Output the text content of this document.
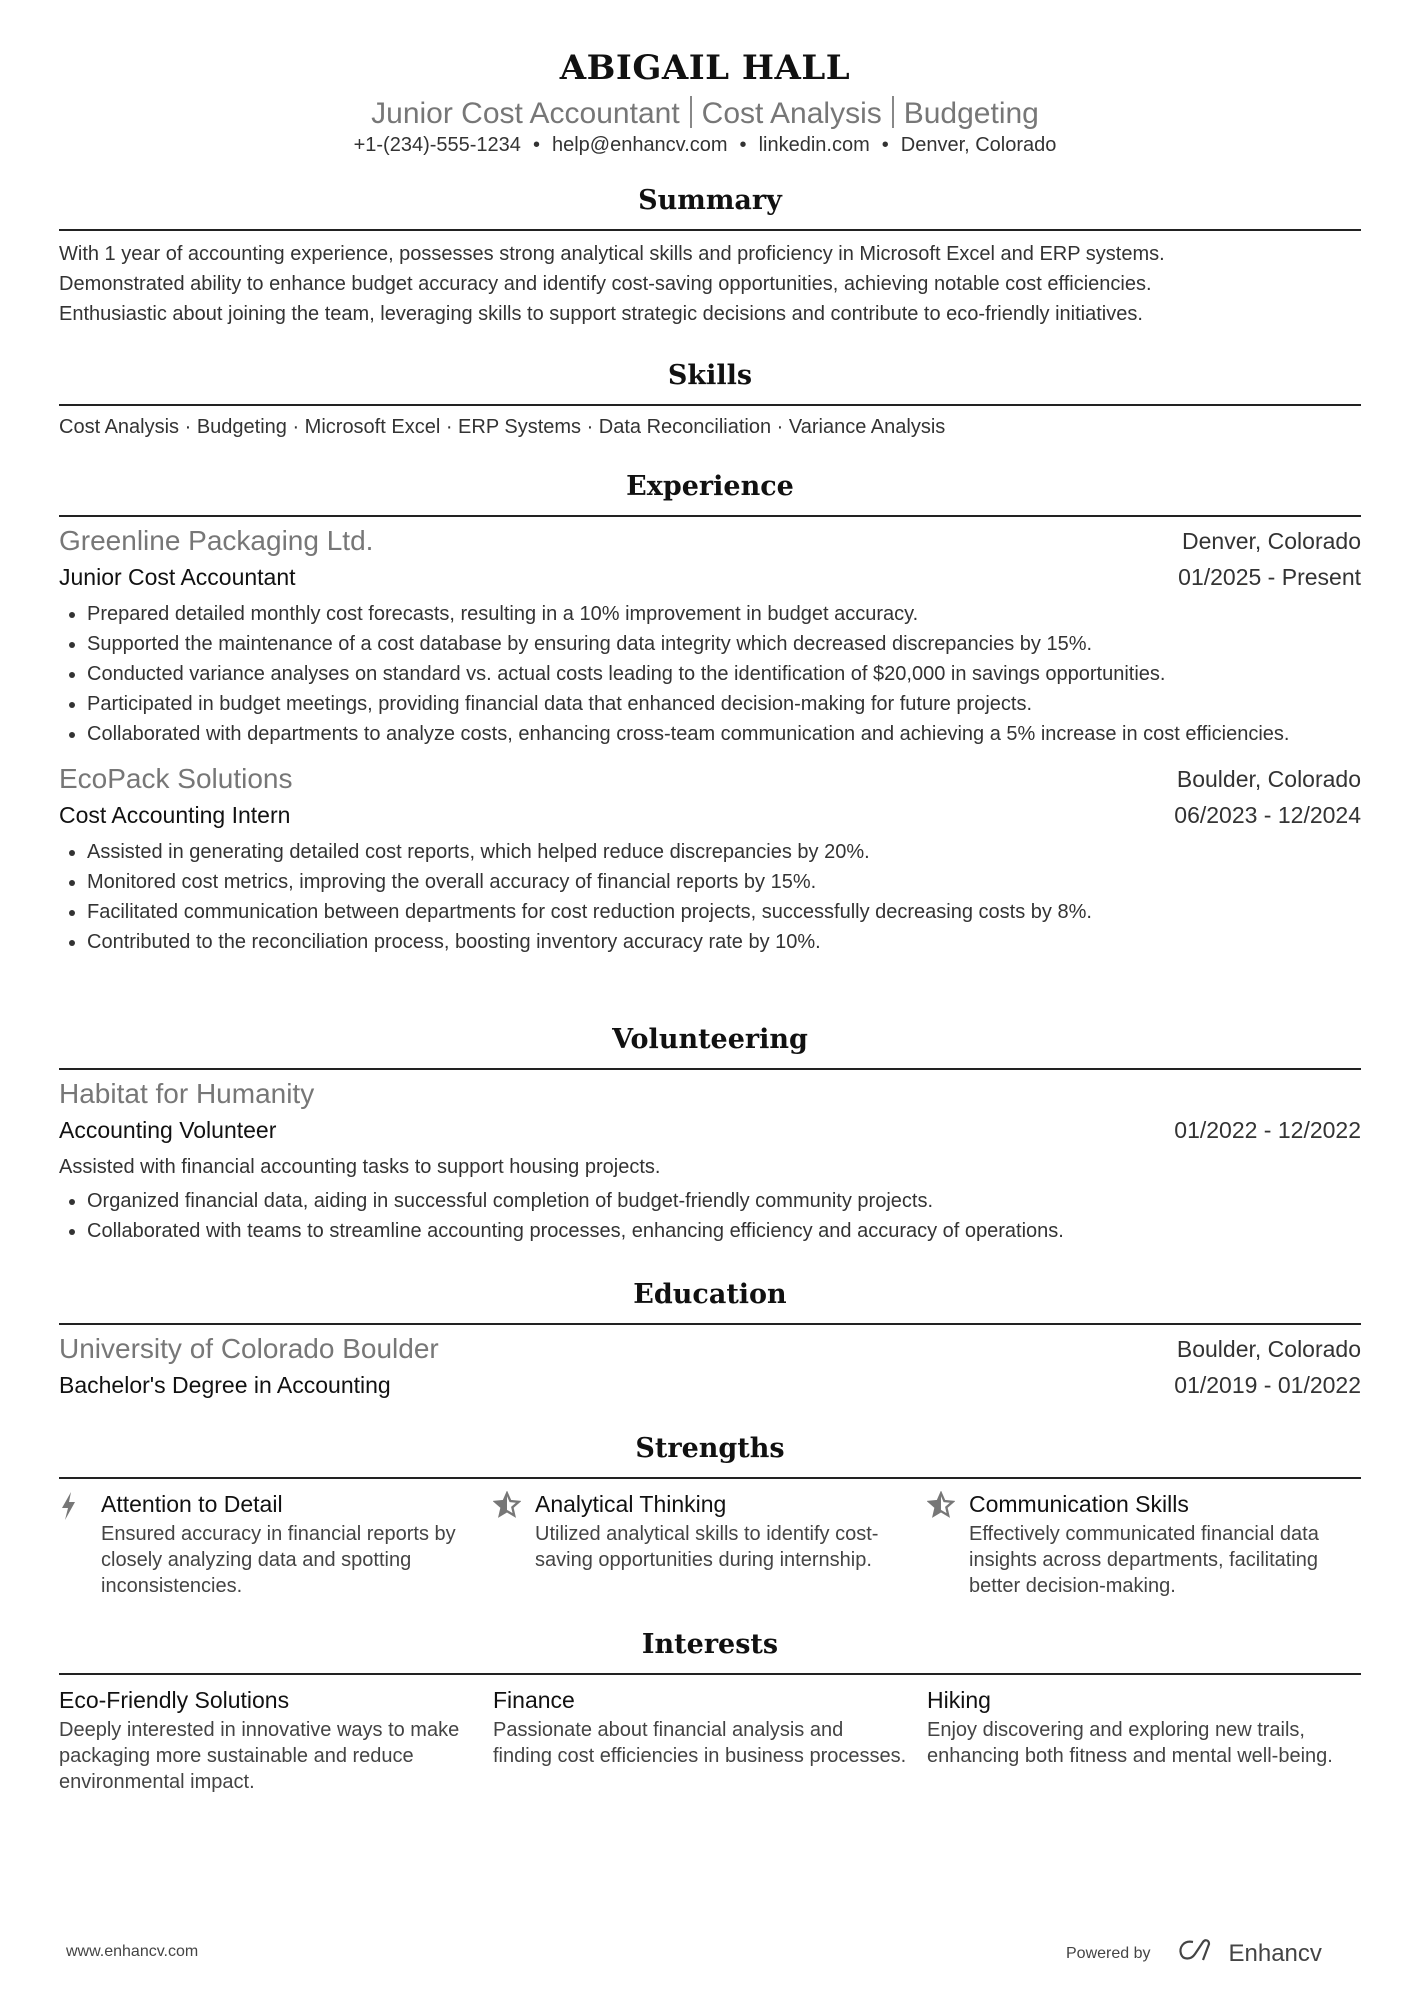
ABIGAIL HALL
Junior Cost Accountant Cost Analysis Budgeting
+1-(234)-555-1234 • help@enhancv.com • linkedin.com • Denver, Colorado
Summary
With 1 year of accounting experience, possesses strong analytical skills and proficiency in Microsoft Excel and ERP systems.
Demonstrated ability to enhance budget accuracy and identify cost-saving opportunities, achieving notable cost efficiencies.
Enthusiastic about joining the team, leveraging skills to support strategic decisions and contribute to eco-friendly initiatives.
Skills
Cost Analysis · Budgeting · Microsoft Excel · ERP Systems · Data Reconciliation · Variance Analysis
Experience
Greenline Packaging Ltd.	Denver, Colorado
Junior Cost Accountant	01/2025 - Present
• Prepared detailed monthly cost forecasts, resulting in a 10% improvement in budget accuracy.
• Supported the maintenance of a cost database by ensuring data integrity which decreased discrepancies by 15%.
• Conducted variance analyses on standard vs. actual costs leading to the identification of $20,000 in savings opportunities.
• Participated in budget meetings, providing financial data that enhanced decision-making for future projects.
• Collaborated with departments to analyze costs, enhancing cross-team communication and achieving a 5% increase in cost efficiencies.
EcoPack Solutions	Boulder, Colorado
Cost Accounting Intern	06/2023 - 12/2024
• Assisted in generating detailed cost reports, which helped reduce discrepancies by 20%.
• Monitored cost metrics, improving the overall accuracy of financial reports by 15%.
• Facilitated communication between departments for cost reduction projects, successfully decreasing costs by 8%.
• Contributed to the reconciliation process, boosting inventory accuracy rate by 10%.
Volunteering
Habitat for Humanity
Accounting Volunteer	01/2022 - 12/2022
Assisted with financial accounting tasks to support housing projects.
• Organized financial data, aiding in successful completion of budget-friendly community projects.
• Collaborated with teams to streamline accounting processes, enhancing efficiency and accuracy of operations.
Education
University of Colorado Boulder	Boulder, Colorado
Bachelor's Degree in Accounting	01/2019 - 01/2022
Strengths
Attention to Detail
Ensured accuracy in financial reports by closely analyzing data and spotting inconsistencies.
Analytical Thinking
Utilized analytical skills to identify cost-saving opportunities during internship.
Communication Skills
Effectively communicated financial data insights across departments, facilitating better decision-making.
Interests
Eco-Friendly Solutions
Deeply interested in innovative ways to make packaging more sustainable and reduce environmental impact.
Finance
Passionate about financial analysis and finding cost efficiencies in business processes.
Hiking
Enjoy discovering and exploring new trails, enhancing both fitness and mental well-being.
www.enhancv.com	Powered by	Enhancv
